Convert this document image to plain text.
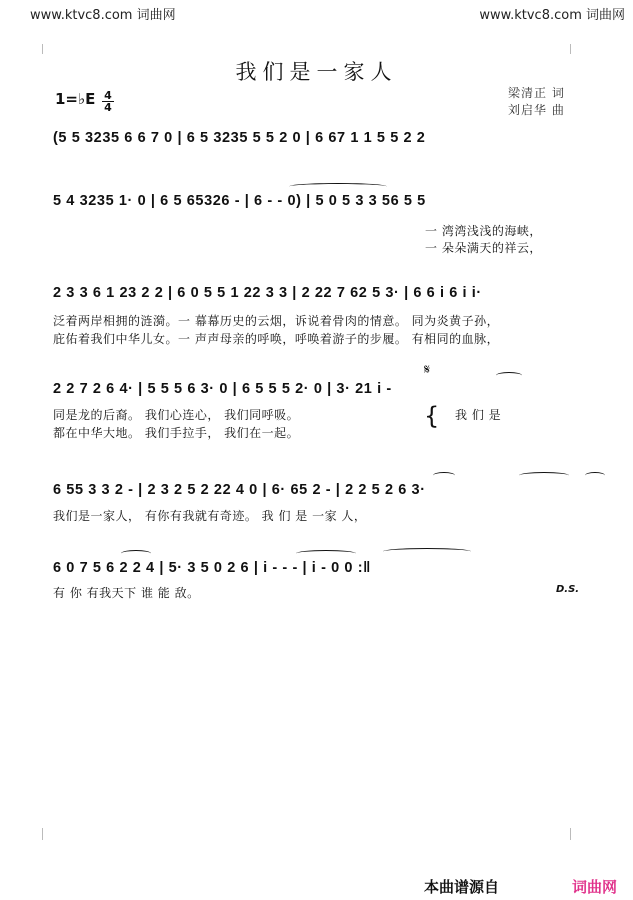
www.ktvc8.com 词曲网	www.ktvc8.com 词曲网
我们是一家人
1=♭E 4
4
梁清正 词
刘启华 曲
(5 5 3235 6 6 7 0 | 6 5 3235 5 5 2 0 | 6 67 1 1 5 5 2 2
5 4 3235 1· 0 | 6 5 65326 - | 6 - - 0) | 5 0 5 3 3 56 5 5
一 湾湾浅浅的海峡，
一 朵朵满天的祥云，
2 3 3 6 1 23 2 2 | 6 0 5 5 1 22 3 3 | 2 22 7 62 5 3· | 6 6 i 6 i i·
泛着两岸相拥的涟漪。一 幕幕历史的云烟，诉说着骨肉的情意。 同为炎黄子孙，
庇佑着我们中华儿女。一 声声母亲的呼唤，呼唤着游子的步履。 有相同的血脉，
𝄋
2 2 7 2 6 4· | 5 5 5 6 3· 0 | 6 5 5 5 2· 0 | 3· 21 i -
同是龙的后裔。 我们心连心， 我们同呼吸。
都在中华大地。 我们手拉手， 我们在一起。
{ 我 们 是
6 55 3 3 2 - | 2 3 2 5 2 22 4 0 | 6· 65 2 - | 2 2 5 2 6 3·
我们是一家人， 有你有我就有奇迹。 我 们 是 一家 人，
6 0 7 5 6 2 2 4 | 5· 3 5 0 2 6 | i - - - | i - 0 0 :‖
有 你 有我天下 谁 能 敌。	D.S.
本曲谱源自	词曲网
